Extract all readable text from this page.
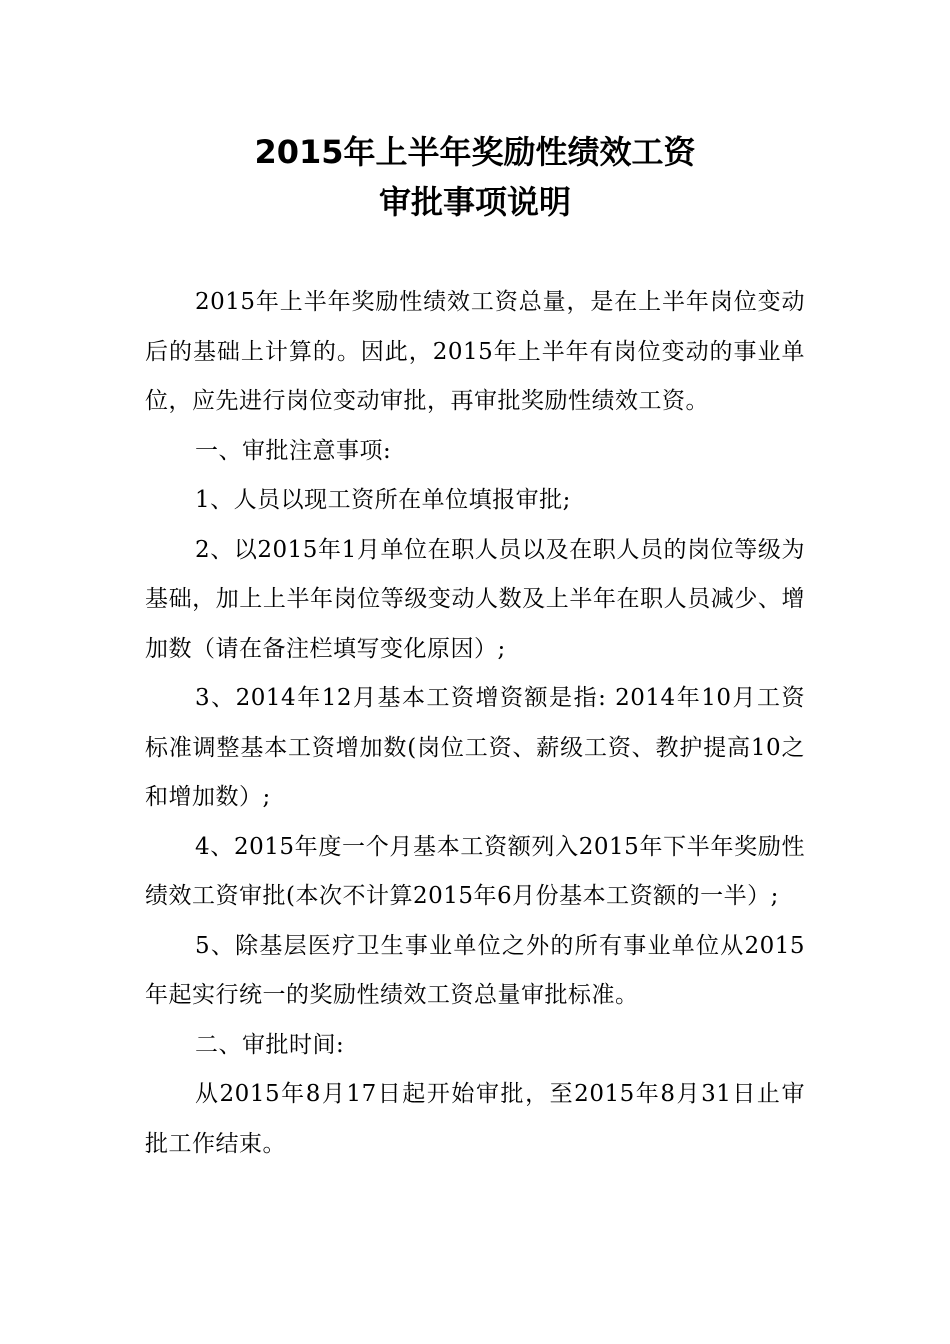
2015年上半年奖励性绩效工资
审批事项说明

2015年上半年奖励性绩效工资总量，是在上半年岗位变动后的基础上计算的。因此，2015年上半年有岗位变动的事业单位，应先进行岗位变动审批，再审批奖励性绩效工资。

一、审批注意事项:

1、人员以现工资所在单位填报审批;

2、以2015年1月单位在职人员以及在职人员的岗位等级为基础，加上上半年岗位等级变动人数及上半年在职人员减少、增加数（请在备注栏填写变化原因）;

3、2014年12月基本工资增资额是指: 2014年10月工资标准调整基本工资增加数(岗位工资、薪级工资、教护提高10之和增加数）;

4、2015年度一个月基本工资额列入2015年下半年奖励性绩效工资审批(本次不计算2015年6月份基本工资额的一半）;

5、除基层医疗卫生事业单位之外的所有事业单位从2015年起实行统一的奖励性绩效工资总量审批标准。

二、审批时间:

从2015年8月17日起开始审批，至2015年8月31日止审批工作结束。
